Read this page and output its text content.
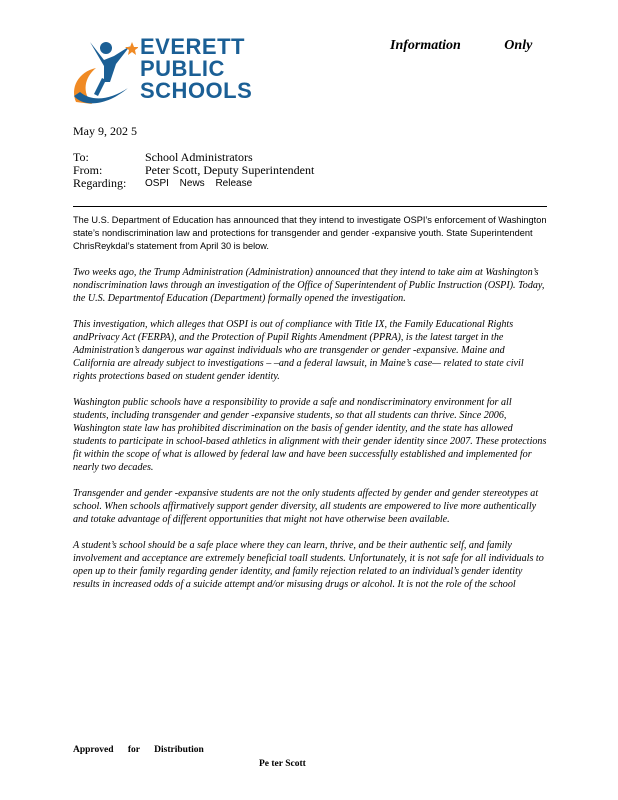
EVERETT
PUBLIC
SCHOOLS
Information Only
May 9, 202 5
To:	School Administrators
From:	Peter Scott, Deputy Superintendent
Regarding:	OSPI News Release

The U.S. Department of Education has announced that they intend to investigate OSPI’s enforcement of Washington state’s nondiscrimination law and protections for transgender and gender -expansive youth. State Superintendent ChrisReykdal’s statement from April 30 is below.

Two weeks ago, the Trump Administration (Administration) announced that they intend to take aim at Washington’s nondiscrimination laws through an investigation of the Office of Superintendent of Public Instruction (OSPI). Today, the U.S. Departmentof Education (Department) formally opened the investigation.

This investigation, which alleges that OSPI is out of compliance with Title IX, the Family Educational Rights andPrivacy Act (FERPA), and the Protection of Pupil Rights Amendment (PPRA), is the latest target in the Administration’s dangerous war against individuals who are transgender or gender -expansive. Maine and California are already subject to investigations – –and a federal lawsuit, in Maine’s case— related to state civil rights protections based on student gender identity.

Washington public schools have a responsibility to provide a safe and nondiscriminatory environment for all students, including transgender and gender -expansive students, so that all students can thrive. Since 2006, Washington state law has prohibited discrimination on the basis of gender identity, and the state has allowed students to participate in school-based athletics in alignment with their gender identity since 2007. These protections fit within the scope of what is allowed by federal law and have been successfully established and implemented for nearly two decades.

Transgender and gender -expansive students are not the only students affected by gender and gender stereotypes at school. When schools affirmatively support gender diversity, all students are empowered to live more authentically and totake advantage of different opportunities that might not have otherwise been available.

A student’s school should be a safe place where they can learn, thrive, and be their authentic self, and family involvement and acceptance are extremely beneficial toall students. Unfortunately, it is not safe for all individuals to open up to their family regarding gender identity, and family rejection related to an individual’s gender identity results in increased odds of a suicide attempt and/or misusing drugs or alcohol. It is not the role of the school

Approved for Distribution
Pe ter Scott
